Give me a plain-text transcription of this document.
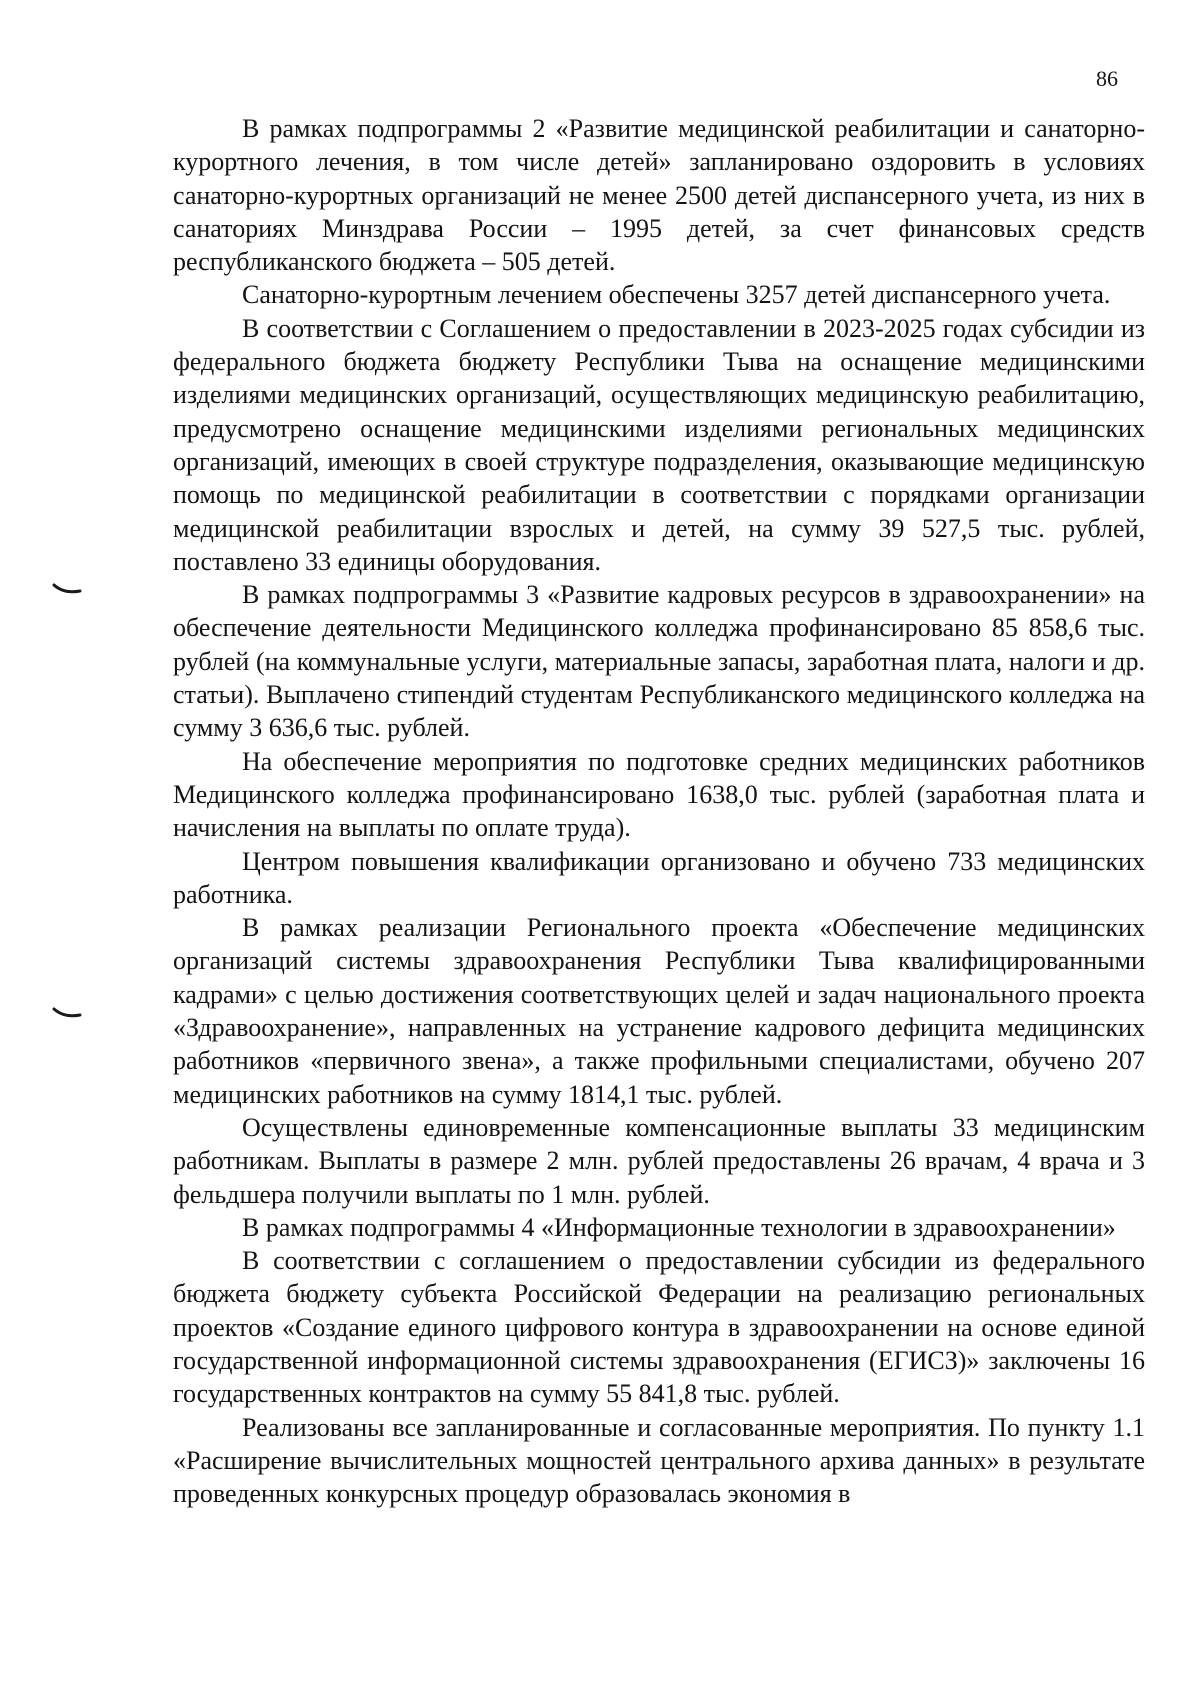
86

В рамках подпрограммы 2 «Развитие медицинской реабилитации и санаторно-курортного лечения, в том числе детей» запланировано оздоровить в условиях санаторно-курортных организаций не менее 2500 детей диспансерного учета, из них в санаториях Минздрава России – 1995 детей, за счет финансовых средств республиканского бюджета – 505 детей.

Санаторно-курортным лечением обеспечены 3257 детей диспансерного учета.

В соответствии с Соглашением о предоставлении в 2023-2025 годах субсидии из федерального бюджета бюджету Республики Тыва на оснащение медицинскими изделиями медицинских организаций, осуществляющих медицинскую реабилитацию, предусмотрено оснащение медицинскими изделиями региональных медицинских организаций, имеющих в своей структуре подразделения, оказывающие медицинскую помощь по медицинской реабилитации в соответствии с порядками организации медицинской реабилитации взрослых и детей, на сумму 39 527,5 тыс. рублей, поставлено 33 единицы оборудования.

В рамках подпрограммы 3 «Развитие кадровых ресурсов в здравоохранении» на обеспечение деятельности Медицинского колледжа профинансировано 85 858,6 тыс. рублей (на коммунальные услуги, материальные запасы, заработная плата, налоги и др. статьи). Выплачено стипендий студентам Республиканского медицинского колледжа на сумму 3 636,6 тыс. рублей.

На обеспечение мероприятия по подготовке средних медицинских работников Медицинского колледжа профинансировано 1638,0 тыс. рублей (заработная плата и начисления на выплаты по оплате труда).

Центром повышения квалификации организовано и обучено 733 медицинских работника.

В рамках реализации Регионального проекта «Обеспечение медицинских организаций системы здравоохранения Республики Тыва квалифицированными кадрами» с целью достижения соответствующих целей и задач национального проекта «Здравоохранение», направленных на устранение кадрового дефицита медицинских работников «первичного звена», а также профильными специалистами, обучено 207 медицинских работников на сумму 1814,1 тыс. рублей.

Осуществлены единовременные компенсационные выплаты 33 медицинским работникам. Выплаты в размере 2 млн. рублей предоставлены 26 врачам, 4 врача и 3 фельдшера получили выплаты по 1 млн. рублей.

В рамках подпрограммы 4 «Информационные технологии в здравоохранении»

В соответствии с соглашением о предоставлении субсидии из федерального бюджета бюджету субъекта Российской Федерации на реализацию региональных проектов «Создание единого цифрового контура в здравоохранении на основе единой государственной информационной системы здравоохранения (ЕГИСЗ)» заключены 16 государственных контрактов на сумму 55 841,8 тыс. рублей.

Реализованы все запланированные и согласованные мероприятия. По пункту 1.1 «Расширение вычислительных мощностей центрального архива данных» в результате проведенных конкурсных процедур образовалась экономия в
